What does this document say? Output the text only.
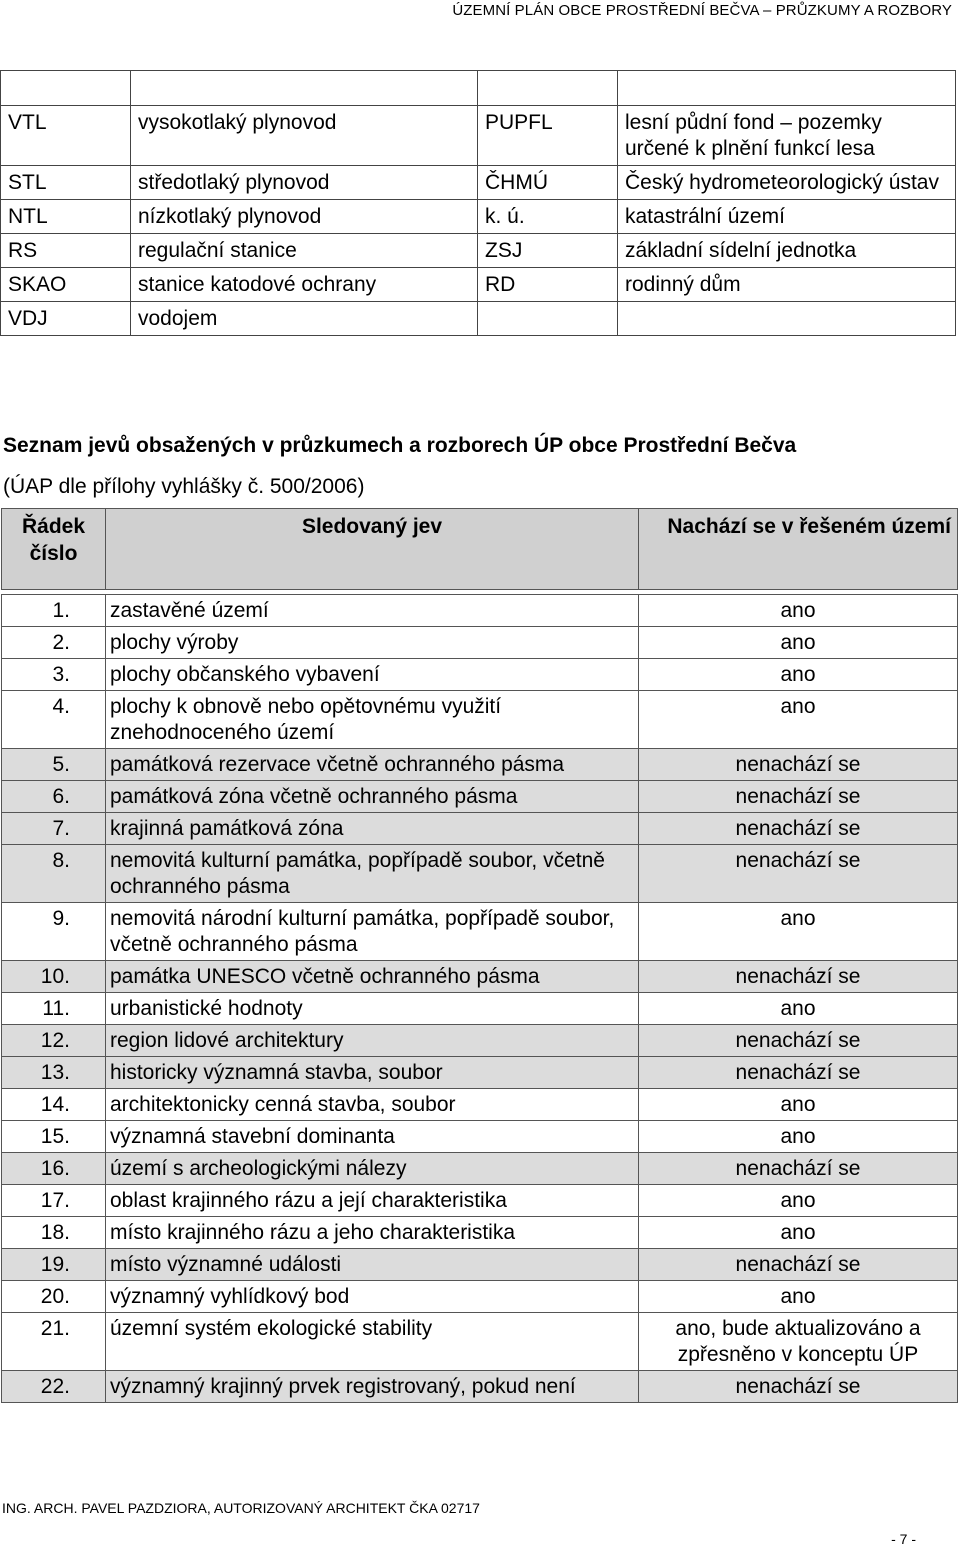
ÚZEMNÍ PLÁN OBCE PROSTŘEDNÍ BEČVA – PRŮZKUMY A ROZBORY

VTL	vysokotlaký plynovod	PUPFL	lesní půdní fond – pozemky určené k plnění funkcí lesa
STL	středotlaký plynovod	ČHMÚ	Český hydrometeorologický ústav
NTL	nízkotlaký plynovod	k. ú.	katastrální území
RS	regulační stanice	ZSJ	základní sídelní jednotka
SKAO	stanice katodové ochrany	RD	rodinný dům
VDJ	vodojem		
Seznam jevů obsažených v průzkumech a rozborech ÚP obce Prostřední Bečva
(ÚAP dle přílohy vyhlášky č. 500/2006)
Řádek
číslo	Sledovaný jev	Nachází se v řešeném území

1.	zastavěné území	ano
2.	plochy výroby	ano
3.	plochy občanského vybavení	ano
4.	plochy k obnově nebo opětovnému využití znehodnoceného území	ano
5.	památková rezervace včetně ochranného pásma	nenachází se
6.	památková zóna včetně ochranného pásma	nenachází se
7.	krajinná památková zóna	nenachází se
8.	nemovitá kulturní památka, popřípadě soubor, včetně ochranného pásma	nenachází se
9.	nemovitá národní kulturní památka, popřípadě soubor, včetně ochranného pásma	ano
10.	památka UNESCO včetně ochranného pásma	nenachází se
11.	urbanistické hodnoty	ano
12.	region lidové architektury	nenachází se
13.	historicky významná stavba, soubor	nenachází se
14.	architektonicky cenná stavba, soubor	ano
15.	významná stavební dominanta	ano
16.	území s archeologickými nálezy	nenachází se
17.	oblast krajinného rázu a její charakteristika	ano
18.	místo krajinného rázu a jeho charakteristika	ano
19.	místo významné události	nenachází se
20.	významný vyhlídkový bod	ano
21.	územní systém ekologické stability	ano, bude aktualizováno a zpřesněno v konceptu ÚP
22.	významný krajinný prvek registrovaný, pokud není	nenachází se
ING. ARCH. PAVEL PAZDZIORA, AUTORIZOVANÝ ARCHITEKT ČKA 02717
- 7 -
